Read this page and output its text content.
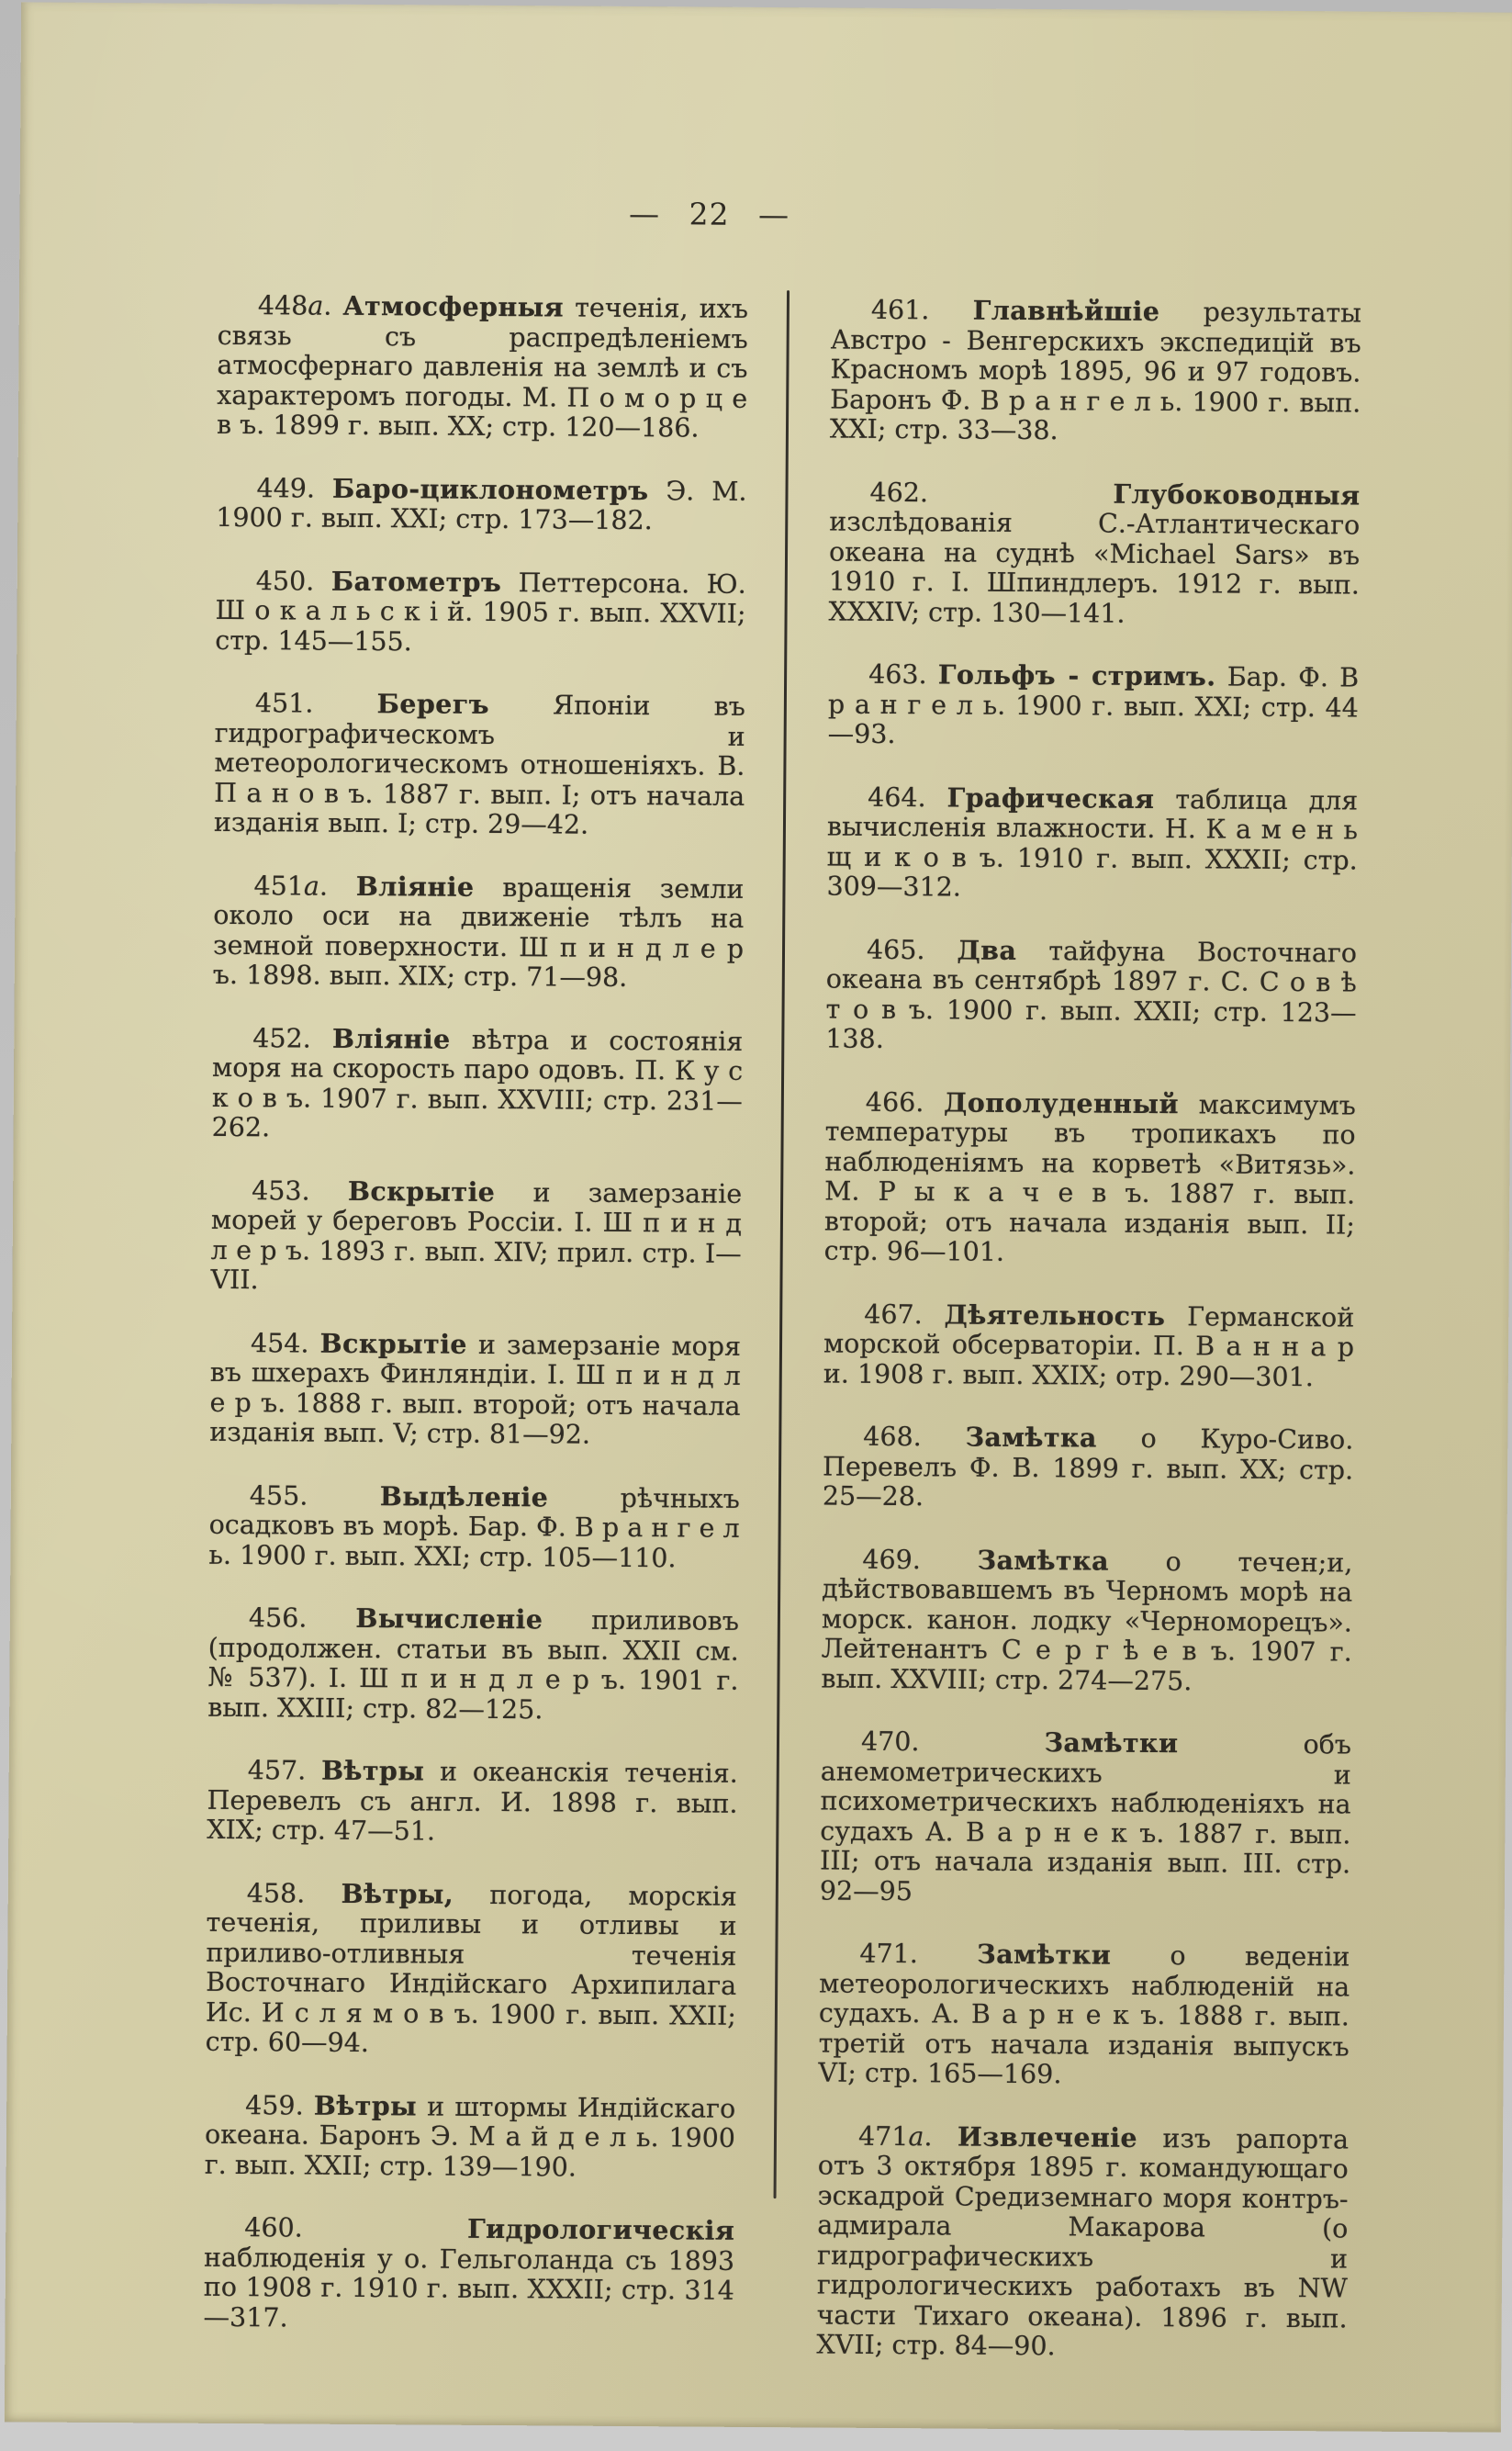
— 22 —

448а. Атмосферныя теченія, ихъ связь съ распредѣленіемъ атмосфернаго давленія на землѣ и съ характеромъ погоды. М. П о м о р ц е в ъ. 1899 г. вып. XX; стр. 120—186.

449. Баро-циклонометръ Э. М. 1900 г. вып. XXI; стр. 173—182.

450. Батометръ Петтерсона. Ю. Ш о к а л ь с к і й. 1905 г. вып. XXVII; стр. 145—155.

451. Берегъ Японіи въ гидрографическомъ и метеорологическомъ отношеніяхъ. В. П а н о в ъ. 1887 г. вып. I; отъ начала изданія вып. I; стр. 29—42.

451а. Вліяніе вращенія земли около оси на движеніе тѣлъ на земной поверхности. Ш п и н д л е р ъ. 1898. вып. XIX; стр. 71—98.

452. Вліяніе вѣтра и состоянія моря на скорость паро одовъ. П. К у с к о в ъ. 1907 г. вып. XXVIII; стр. 231—262.

453. Вскрытіе и замерзаніе морей у береговъ Россіи. I. Ш п и н д л е р ъ. 1893 г. вып. XIV; прил. стр. I—VII.

454. Вскрытіе и замерзаніе моря въ шхерахъ Финляндіи. I. Ш п и н д л е р ъ. 1888 г. вып. второй; отъ начала изданія вып. V; стр. 81—92.

455. Выдѣленіе рѣчныхъ осадковъ въ морѣ. Бар. Ф. В р а н г е л ь. 1900 г. вып. XXI; стр. 105—110.

456. Вычисленіе приливовъ (продолжен. статьи въ вып. XXII см. № 537). I. Ш п и н д л е р ъ. 1901 г. вып. XXIII; стр. 82—125.

457. Вѣтры и океанскія теченія. Перевелъ съ англ. И. 1898 г. вып. XIX; стр. 47—51.

458. Вѣтры, погода, морскія теченія, приливы и отливы и приливо-отливныя теченія Восточнаго Индійскаго Архипилага Ис. И с л я м о в ъ. 1900 г. вып. XXII; стр. 60—94.

459. Вѣтры и штормы Индійскаго океана. Баронъ Э. М а й д е л ь. 1900 г. вып. XXII; стр. 139—190.

460. Гидрологическія наблюденія у о. Гельголанда съ 1893 по 1908 г. 1910 г. вып. XXXII; стр. 314—317.

461. Главнѣйшіе результаты Австро - Венгерскихъ экспедицій въ Красномъ морѣ 1895, 96 и 97 годовъ. Баронъ Ф. В р а н г е л ь. 1900 г. вып. XXI; стр. 33—38.

462. Глубоководныя изслѣдованія С.-Атлантическаго океана на суднѣ «Michael Sars» въ 1910 г. I. Шпиндлеръ. 1912 г. вып. XXXIV; стр. 130—141.

463. Гольфъ - стримъ. Бар. Ф. В р а н г е л ь. 1900 г. вып. XXI; стр. 44—93.

464. Графическая таблица для вычисленія влажности. Н. К а м е н ь щ и к о в ъ. 1910 г. вып. XXXII; стр. 309—312.

465. Два тайфуна Восточнаго океана въ сентябрѣ 1897 г. С. С о в ѣ т о в ъ. 1900 г. вып. XXII; стр. 123—138.

466. Дополуденный максимумъ температуры въ тропикахъ по наблюденіямъ на корветѣ «Витязь». М. Р ы к а ч е в ъ. 1887 г. вып. второй; отъ начала изданія вып. II; стр. 96—101.

467. Дѣятельность Германской морской обсерваторіи. П. В а н н а р и. 1908 г. вып. XXIX; отр. 290—301.

468. Замѣтка о Куро-Сиво. Перевелъ Ф. В. 1899 г. вып. XX; стр. 25—28.

469. Замѣтка о течен;и, дѣйствовавшемъ въ Черномъ морѣ на морск. канон. лодку «Черноморецъ». Лейтенантъ С е р г ѣ е в ъ. 1907 г. вып. XXVIII; стр. 274—275.

470. Замѣтки объ анемометрическихъ и психометрическихъ наблюденіяхъ на судахъ А. В а р н е к ъ. 1887 г. вып. III; отъ начала изданія вып. III. стр. 92—95

471. Замѣтки о веденіи метеорологическихъ наблюденій на судахъ. А. В а р н е к ъ. 1888 г. вып. третій отъ начала изданія выпускъ VI; стр. 165—169.

471а. Извлеченіе изъ рапорта отъ 3 октября 1895 г. командующаго эскадрой Средиземнаго моря контръ-адмирала Макарова (о гидрографическихъ и гидрологическихъ работахъ въ NW части Тихаго океана). 1896 г. вып. XVII; стр. 84—90.
